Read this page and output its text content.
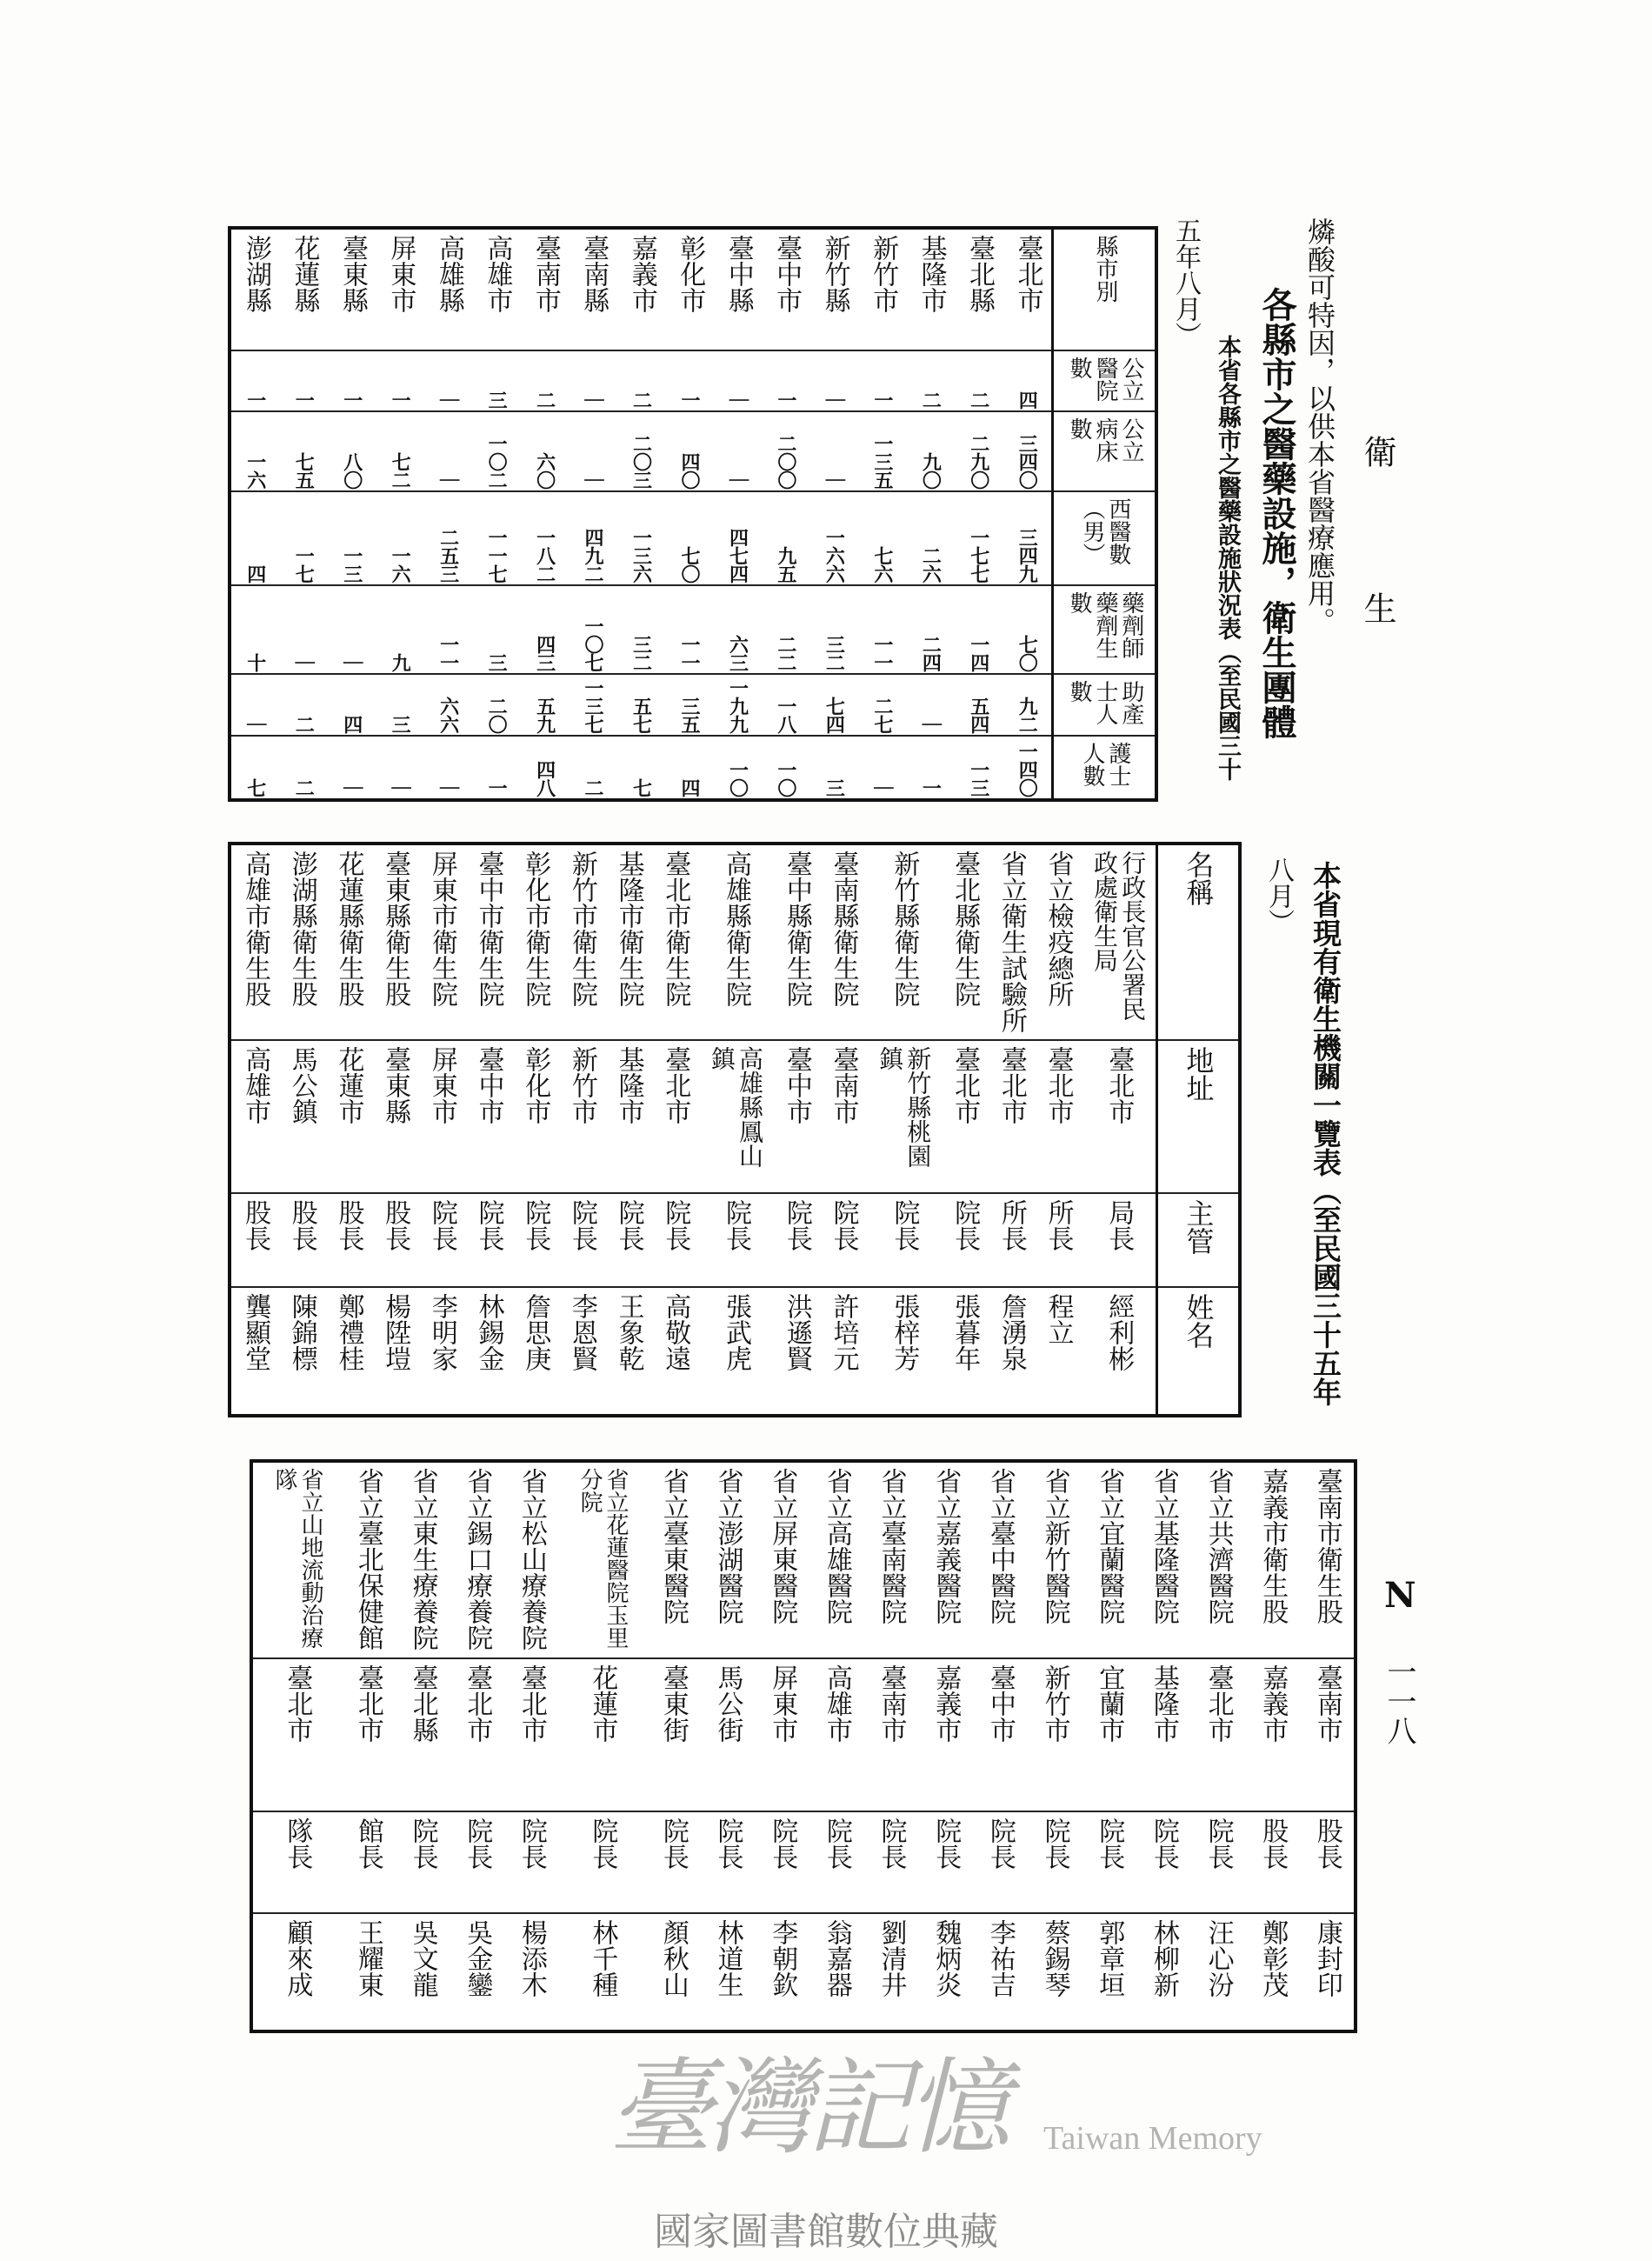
衛
生
燐酸可特因，以供本省醫療應用。
各縣市之醫藥設施，衛生團體
本省各縣市之醫藥設施狀況表（至民國三十
五年八月）
縣市別
公立醫院數
公立病床數
西醫數（男）
藥劑師藥劑生數
助產士人數
護士人數
臺北市
四
三四〇
三四九
七〇
九二
一四〇
臺北縣
二
二九〇
一七七
一四
五四
一三
基隆市
二
九〇
二六
二四
｜
一
新竹市
一
一三五
七六
一一
二七
｜
新竹縣
｜
｜
一六六
三二
七四
三
臺中市
一
二〇〇
九五
二二
一八
一〇
臺中縣
｜
｜
四七四
六三
一九九
一〇
彰化市
一
四〇
七〇
一一
三五
四
嘉義市
二
二〇三
一三六
三二
五七
七
臺南縣
｜
｜
四九二
一〇七
一三七
二
臺南市
二
六〇
一八二
四三
五九
四八
高雄市
三
一〇二
一一七
三
二〇
一
高雄縣
｜
｜
二五三
一一
六六
｜
屏東市
一
七二
一六
九
三
｜
臺東縣
一
八〇
一三
｜
四
｜
花蓮縣
一
七五
一七
｜
二
二
澎湖縣
一
一六
四
十
｜
七
本省現有衛生機關一覽表（至民國三十五年
八月）
名稱
地址
主管
姓名
行政長官公署民政處衛生局
臺北市
局長
經利彬
省立檢疫總所
臺北市
所長
程立
省立衛生試驗所
臺北市
所長
詹湧泉
臺北縣衛生院
臺北市
院長
張暮年
新竹縣衛生院
新竹縣桃園鎮
院長
張梓芳
臺南縣衛生院
臺南市
院長
許培元
臺中縣衛生院
臺中市
院長
洪遜賢
高雄縣衛生院
高雄縣鳳山鎮
院長
張武虎
臺北市衛生院
臺北市
院長
高敬遠
基隆市衛生院
基隆市
院長
王象乾
新竹市衛生院
新竹市
院長
李恩賢
彰化市衛生院
彰化市
院長
詹思庚
臺中市衛生院
臺中市
院長
林錫金
屏東市衛生院
屏東市
院長
李明家
臺東縣衛生股
臺東縣
股長
楊陞塏
花蓮縣衛生股
花蓮市
股長
鄭禮桂
澎湖縣衛生股
馬公鎮
股長
陳錦標
高雄市衛生股
高雄市
股長
龔顯堂
臺南市衛生股
臺南市
股長
康封印
嘉義市衛生股
嘉義市
股長
鄭彰茂
省立共濟醫院
臺北市
院長
汪心汾
省立基隆醫院
基隆市
院長
林柳新
省立宜蘭醫院
宜蘭市
院長
郭章垣
省立新竹醫院
新竹市
院長
蔡錫琴
省立臺中醫院
臺中市
院長
李祐吉
省立嘉義醫院
嘉義市
院長
魏炳炎
省立臺南醫院
臺南市
院長
劉清井
省立高雄醫院
高雄市
院長
翁嘉器
省立屏東醫院
屏東市
院長
李朝欽
省立澎湖醫院
馬公街
院長
林道生
省立臺東醫院
臺東街
院長
顏秋山
省立花蓮醫院玉里分院
花蓮市
院長
林千種
省立松山療養院
臺北市
院長
楊添木
省立錫口療養院
臺北市
院長
吳金鑾
省立東生療養院
臺北縣
院長
吳文龍
省立臺北保健館
臺北市
館長
王耀東
省立山地流動治療隊
臺北市
隊長
顧來成
N
一一八
臺灣記憶 Taiwan Memory
國家圖書館數位典藏
